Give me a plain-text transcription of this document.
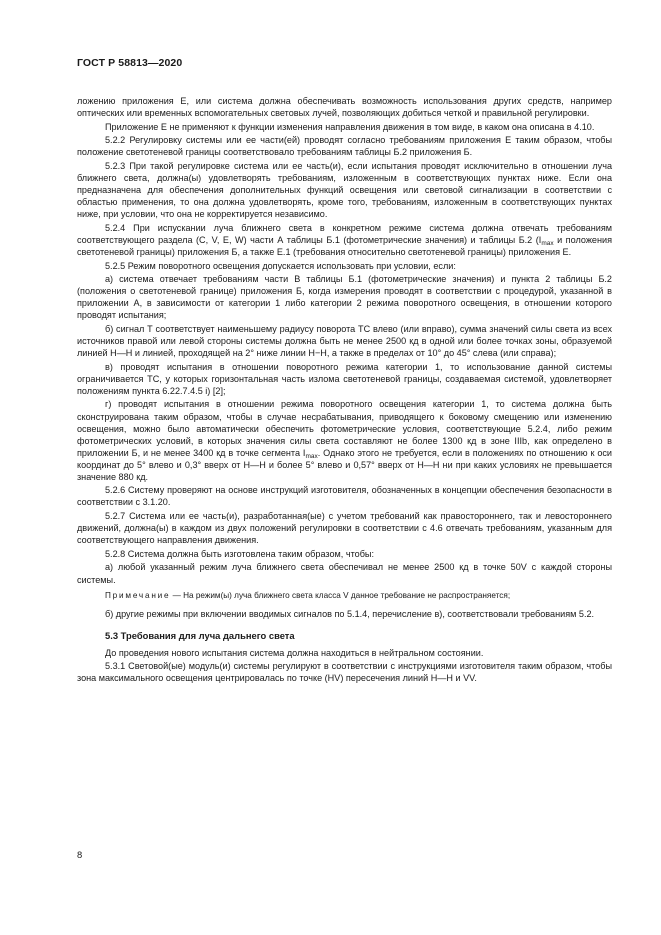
ГОСТ Р 58813—2020

ложению приложения Е, или система должна обеспечивать возможность использования других средств, например оптических или временных вспомогательных световых лучей, позволяющих добиться четкой и правильной регулировки.

Приложение Е не применяют к функции изменения направления движения в том виде, в каком она описана в 4.10.

5.2.2 Регулировку системы или ее части(ей) проводят согласно требованиям приложения Е таким образом, чтобы положение светотеневой границы соответствовало требованиям таблицы Б.2 приложения Б.

5.2.3 При такой регулировке система или ее часть(и), если испытания проводят исключительно в отношении луча ближнего света, должна(ы) удовлетворять требованиям, изложенным в соответствующих пунктах ниже. Если она предназначена для обеспечения дополнительных функций освещения или световой сигнализации в соответствии с областью применения, то она должна удовлетворять, кроме того, требованиям, изложенным в соответствующих пунктах ниже, при условии, что она не корректируется независимо.

5.2.4 При испускании луча ближнего света в конкретном режиме система должна отвечать требованиям соответствующего раздела (С, V, Е, W) части А таблицы Б.1 (фотометрические значения) и таблицы Б.2 ($I_{max}$ и положения светотеневой границы) приложения Б, а также Е.1 (требования относительно светотеневой границы) приложения Е.

5.2.5 Режим поворотного освещения допускается использовать при условии, если:

а) система отвечает требованиям части В таблицы Б.1 (фотометрические значения) и пункта 2 таблицы Б.2 (положения о светотеневой границе) приложения Б, когда измерения проводят в соответствии с процедурой, указанной в приложении А, в зависимости от категории 1 либо категории 2 режима поворотного освещения, в отношении которого проводят испытания;

б) сигнал Т соответствует наименьшему радиусу поворота ТС влево (или вправо), сумма значений силы света из всех источников правой или левой стороны системы должна быть не менее 2500 кд в одной или более точках зоны, образуемой линией Н—Н и линией, проходящей на 2° ниже линии Н−Н, а также в пределах от 10° до 45° слева (или справа);

в) проводят испытания в отношении поворотного режима категории 1, то использование данной системы ограничивается ТС, у которых горизонтальная часть излома светотеневой границы, создаваемая системой, удовлетворяет положениям пункта 6.22.7.4.5 i) [2];

г) проводят испытания в отношении режима поворотного освещения категории 1, то система должна быть сконструирована таким образом, чтобы в случае несрабатывания, приводящего к боковому смещению или изменению освещения, можно было автоматически обеспечить фотометрические условия, соответствующие 5.2.4, либо режим фотометрических условий, в которых значения силы света составляют не более 1300 кд в зоне IIIb, как определено в приложении Б, и не менее 3400 кд в точке сегмента $I_{max}$. Однако этого не требуется, если в положениях по отношению к оси координат до 5° влево и 0,3° вверх от Н—Н и более 5° влево и 0,57° вверх от Н—Н ни при каких условиях не превышается значение 880 кд.

5.2.6 Систему проверяют на основе инструкций изготовителя, обозначенных в концепции обеспечения безопасности в соответствии с 3.1.20.

5.2.7 Система или ее часть(и), разработанная(ые) с учетом требований как правостороннего, так и левостороннего движений, должна(ы) в каждом из двух положений регулировки в соответствии с 4.6 отвечать требованиям, указанным для соответствующего направления движения.

5.2.8 Система должна быть изготовлена таким образом, чтобы:

а) любой указанный режим луча ближнего света обеспечивал не менее 2500 кд в точке 50V с каждой стороны системы.

Примечание — На режим(ы) луча ближнего света класса V данное требование не распространяется;

б) другие режимы при включении вводимых сигналов по 5.1.4, перечисление в), соответствовали требованиям 5.2.

5.3 Требования для луча дальнего света

До проведения нового испытания система должна находиться в нейтральном состоянии.

5.3.1 Световой(ые) модуль(и) системы регулируют в соответствии с инструкциями изготовителя таким образом, чтобы зона максимального освещения центрировалась по точке (HV) пересечения линий Н—Н и VV.

8
